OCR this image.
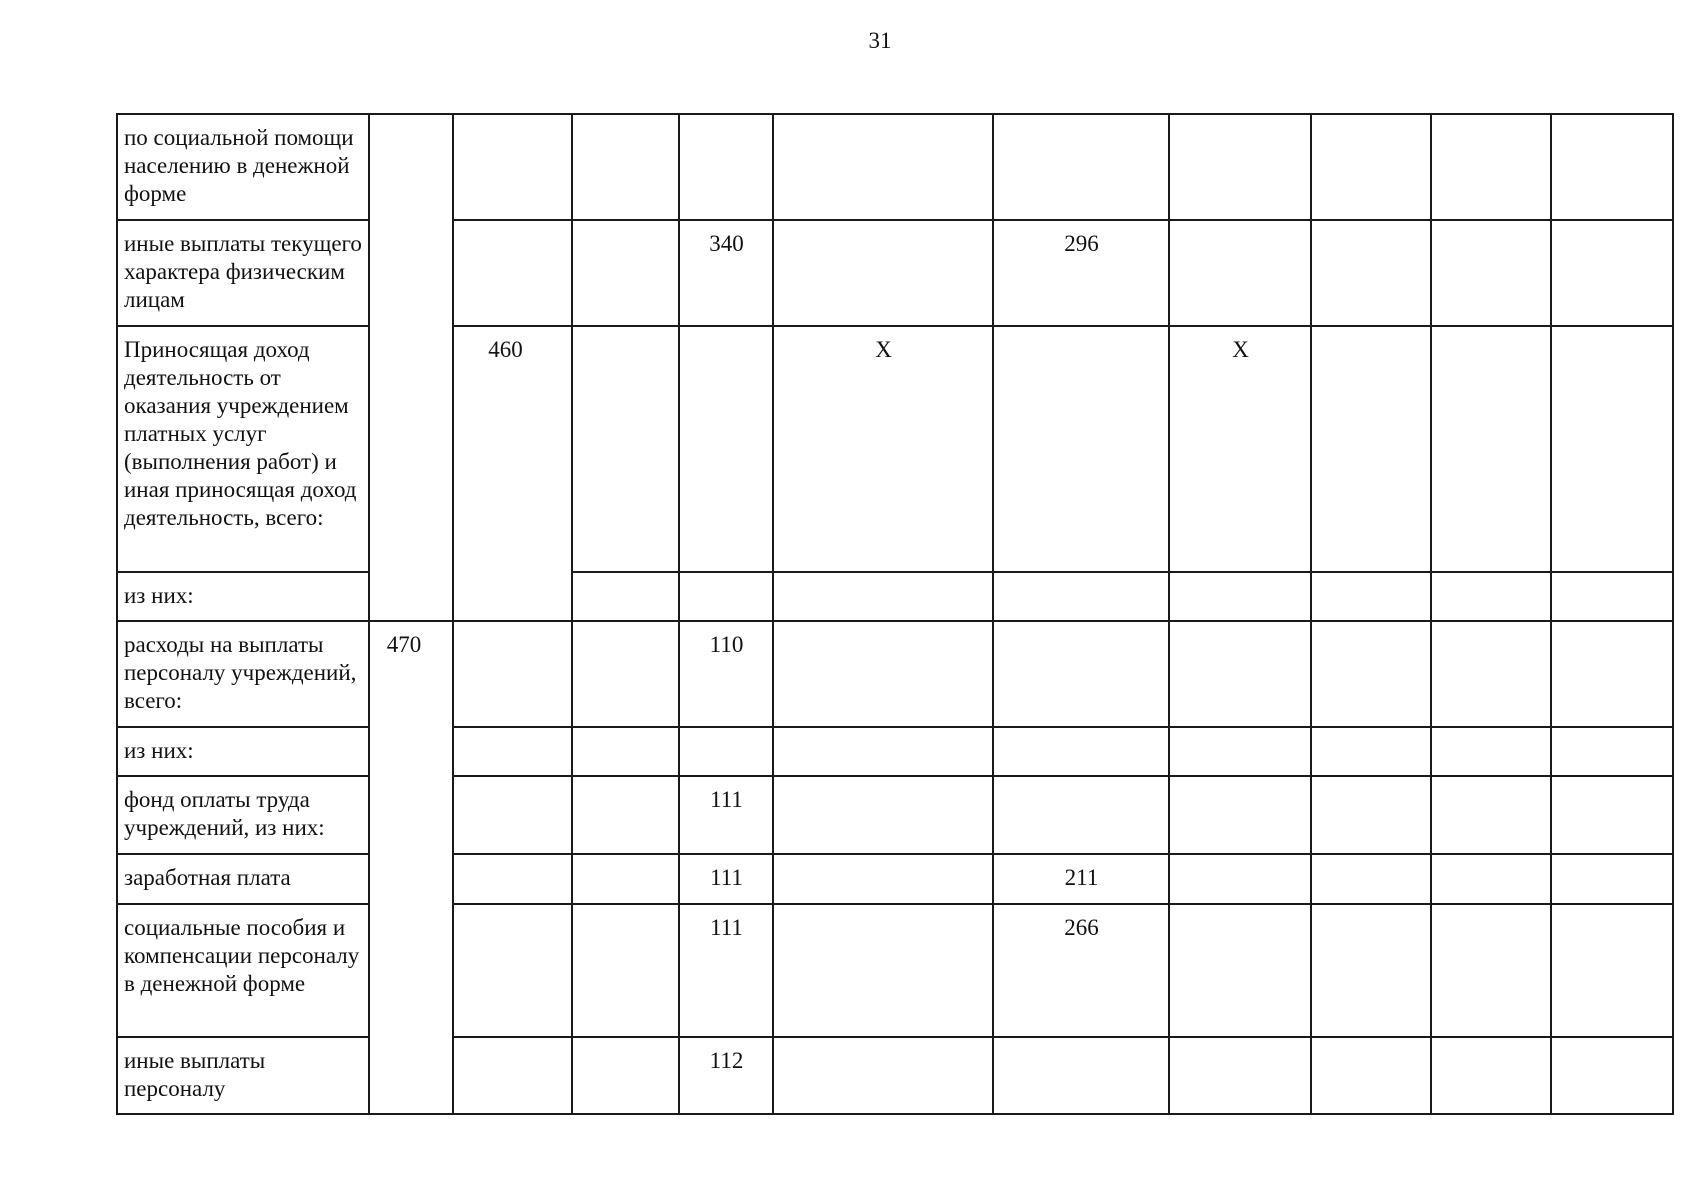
31
по социальной помощи населению в денежной форме											
иные выплаты текущего характера физическим лицам				340		296					
Приносящая доход деятельность от оказания учреждением платных услуг (выполнения работ) и иная приносящая доход деятельность, всего:		460			X		X				
из них:											
расходы на выплаты персоналу учреждений, всего:	470			110							
из них:											
фонд оплаты труда учреждений, из них:				111							
заработная плата				111		211					
социальные пособия и компенсации персоналу в денежной форме				111		266					
иные выплаты персоналу				112							
